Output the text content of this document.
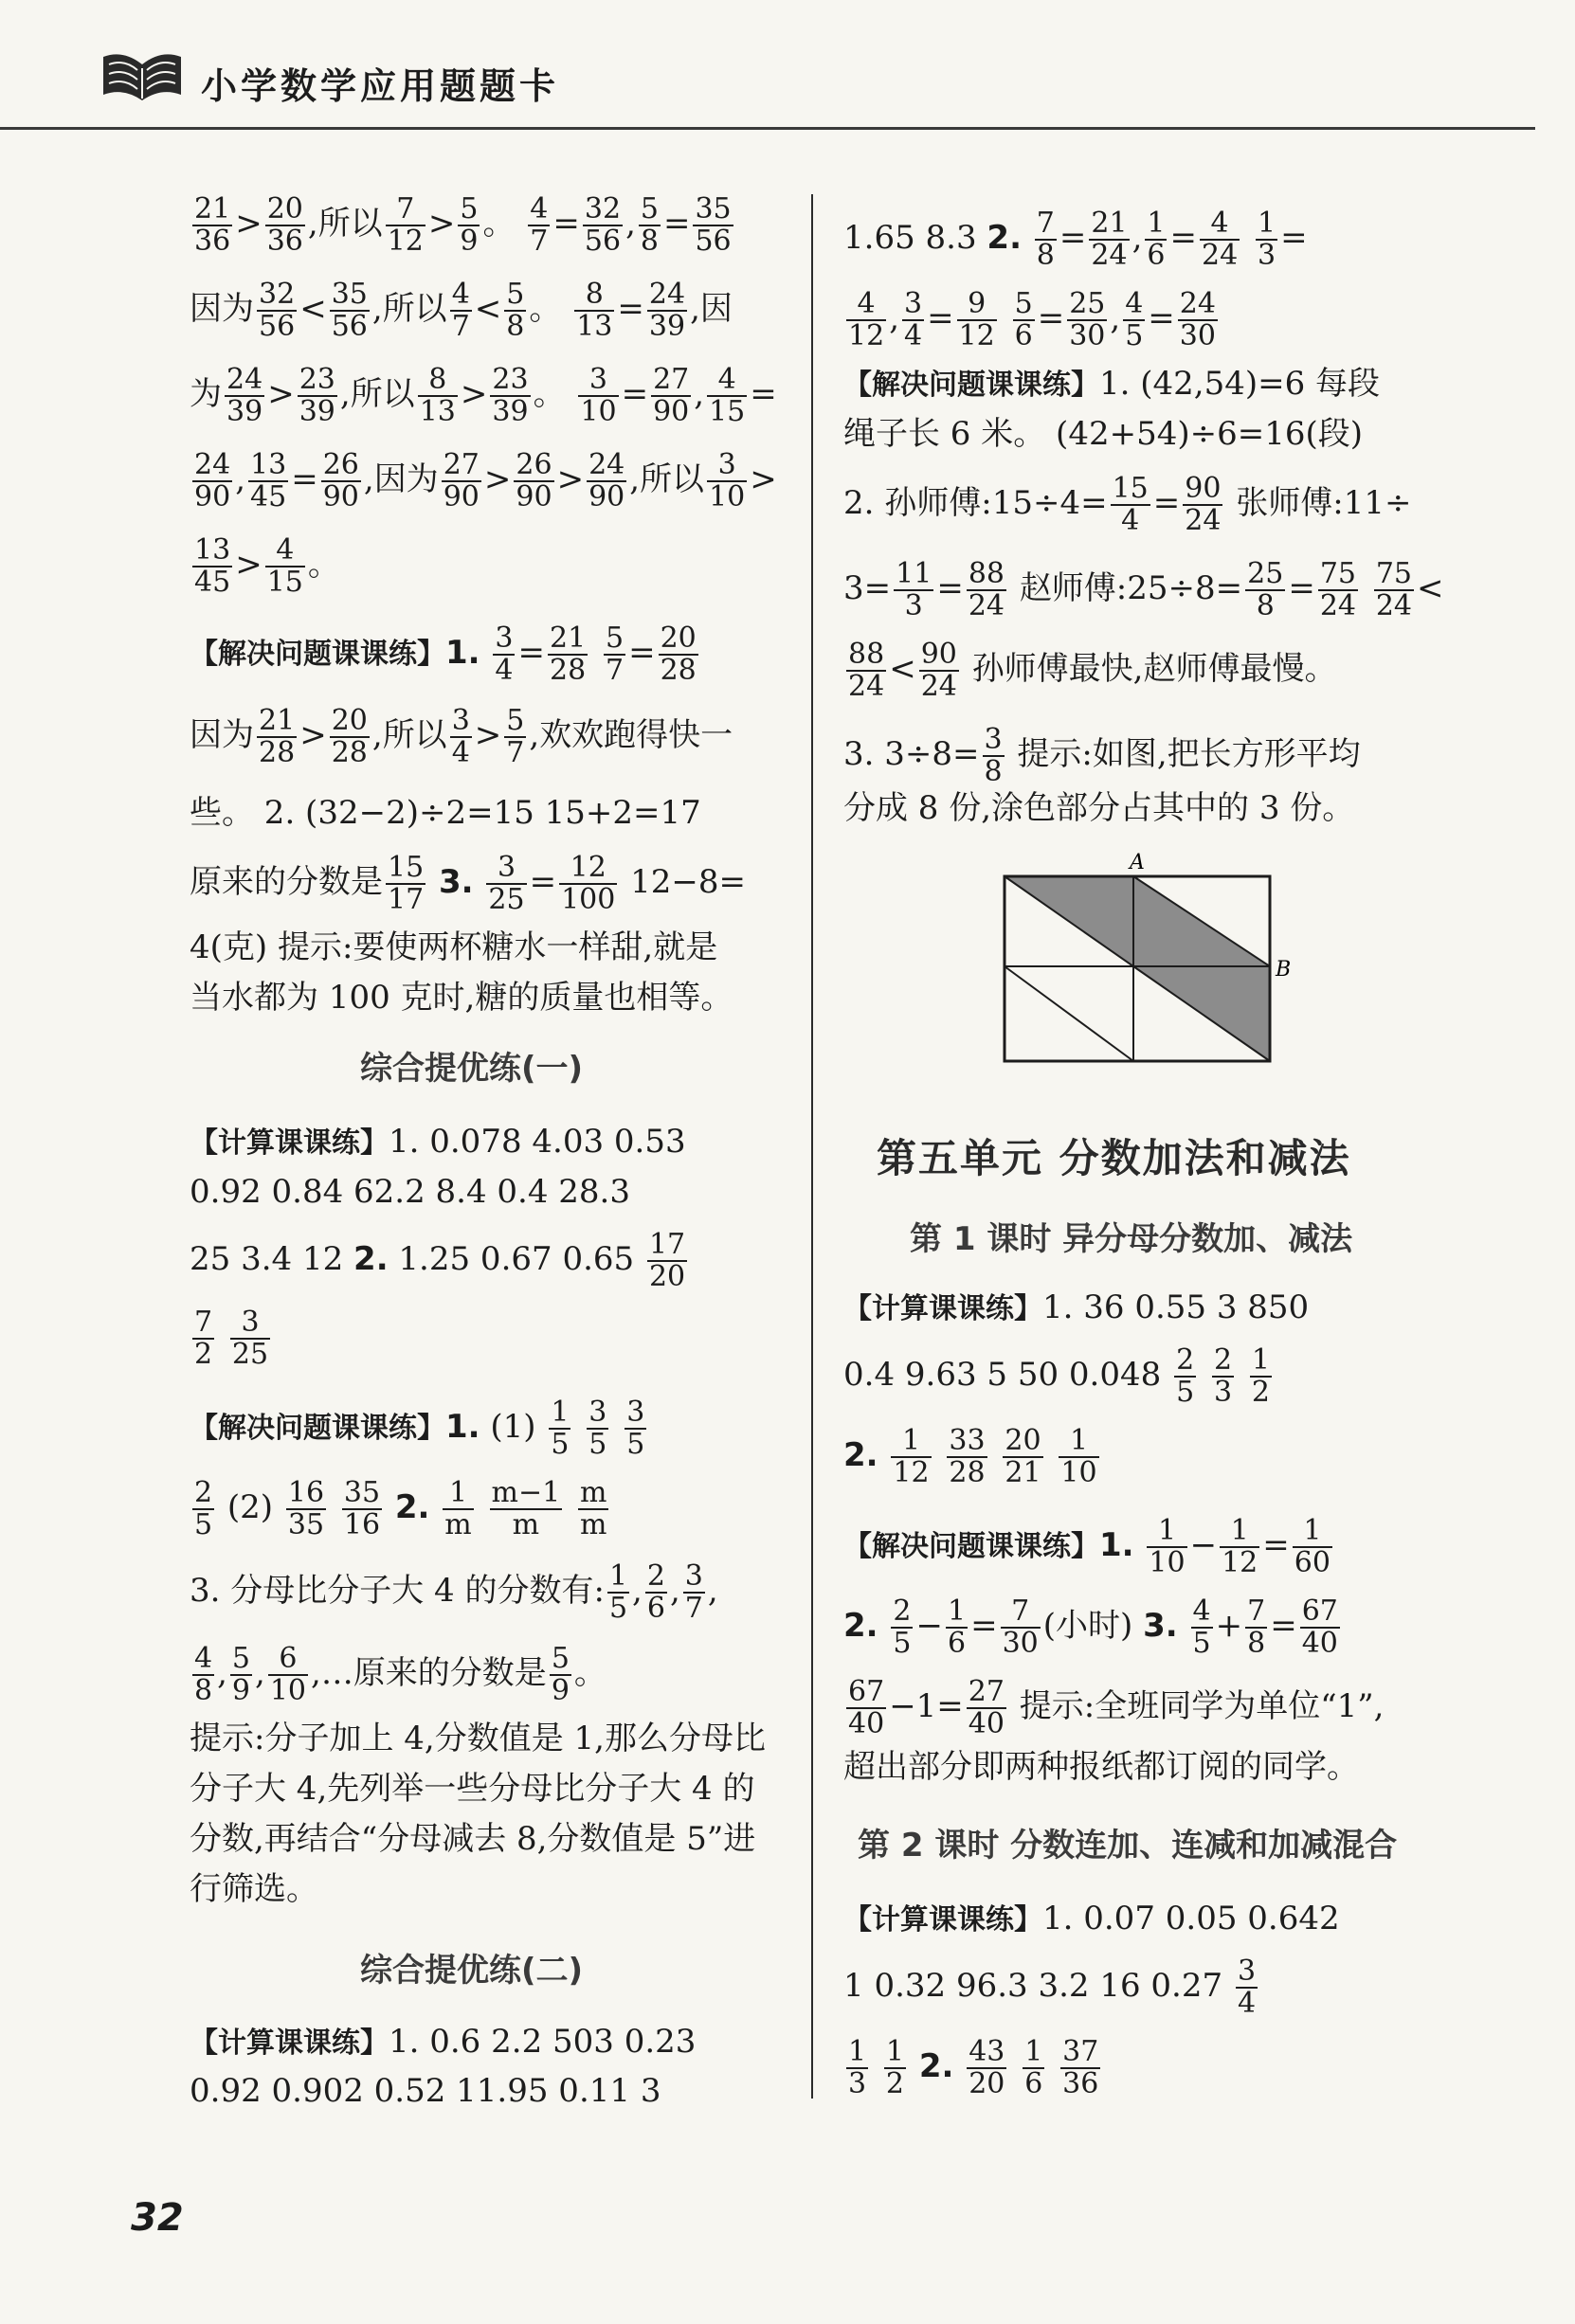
小学数学应用题题卡
$\frac{21}{36} > \frac{20}{36}$ ,所以 $\frac{7}{12} > \frac{5}{9}$ 。 $\frac{4}{7} = \frac{32}{56}$ , $\frac{5}{8} = \frac{35}{56}$
因为 $\frac{32}{56} < \frac{35}{56}$ ,所以 $\frac{4}{7} < \frac{5}{8}$ 。 $\frac{8}{13} = \frac{24}{39}$ ,因
为 $\frac{24}{39} > \frac{23}{39}$ ,所以 $\frac{8}{13} > \frac{23}{39}$ 。 $\frac{3}{10} = \frac{27}{90}$ , $\frac{4}{15}$ =
$\frac{24}{90}$ , $\frac{13}{45} = \frac{26}{90}$ ,因为 $\frac{27}{90} > \frac{26}{90} > \frac{24}{90}$ ,所以 $\frac{3}{10}$ >
$\frac{13}{45} > \frac{4}{15}$ 。
【解决问题课课练】1. $\frac{3}{4} = \frac{21}{28}$
$\frac{5}{7} = \frac{20}{28}$
因为 $\frac{21}{28} > \frac{20}{28}$ ,所以 $\frac{3}{4} > \frac{5}{7}$ ,欢欢跑得快一
些。 2. (32−2)÷2=15 15+2=17
原来的分数是 $\frac{15}{17} 3$. $\frac{3}{25} = \frac{12}{100} 12-8=$
4(克) 提示:要使两杯糖水一样甜,就是
当水都为 100 克时,糖的质量也相等。
综合提优练(一)
【计算课课练】1. 0.078 4.03 0.53
0.92 0.84 62.2 8.4 0.4 28.3
25 3.4 12 2. 1.25 0.67 $0.65 \frac{17}{20}$
$\frac{7}{2}$
$\frac{3}{25}$
【解决问题课课练】1. $(1) \frac{1}{5}$
$\frac{3}{5}$
$\frac{3}{5}$
$\frac{2}{5} (2) \frac{16}{35}$
$\frac{35}{16} 2$. $\frac{1}{m}$
$\frac{m-1}{m}$
$\frac{m}{m}$
3. 分母比分子大 4 的分数有: $\frac{1}{5}$ , $\frac{2}{6}$ , $\frac{3}{7}$ ,
$\frac{4}{8}$ , $\frac{5}{9}$ , $\frac{6}{10}$ ,…原来的分数是 $\frac{5}{9}$ 。
提示:分子加上 4,分数值是 1,那么分母比
分子大 4,先列举一些分母比分子大 4 的
分数,再结合“分母减去 8,分数值是 5”进
行筛选。
综合提优练(二)
【计算课课练】1. 0.6 2.2 503 0.23
0.92 0.902 0.52 11.95 0.11 3
1.65 8.3 2. $\frac{7}{8} = \frac{21}{24}$ , $\frac{1}{6} = \frac{4}{24}$
$\frac{1}{3}$ =
$\frac{4}{12}$ , $\frac{3}{4} = \frac{9}{12}$
$\frac{5}{6} = \frac{25}{30}$ , $\frac{4}{5} = \frac{24}{30}$
【解决问题课课练】1. (42,54)=6 每段
绳子长 6 米。 (42+54)÷6=16(段)
2. 孙师傅:15÷4= $\frac{15}{4} = \frac{90}{24}$ 张师傅:11÷
$3= \frac{11}{3} = \frac{88}{24}$ 赵师傅:25÷8= $\frac{25}{8} = \frac{75}{24}$
$\frac{75}{24}$ <
$\frac{88}{24} < \frac{90}{24}$ 孙师傅最快,赵师傅最慢。
3. $3\div 8= \frac{3}{8}$ 提示:如图,把长方形平均
分成 8 份,涂色部分占其中的 3 份。
第五单元 分数加法和减法
第 1 课时 异分母分数加、减法
【计算课课练】1. 36 0.55 3 850
0.4 9.63 5 50 $0.048 \frac{2}{5}$
$\frac{2}{3}$
$\frac{1}{2}$
2. $\frac{1}{12}$
$\frac{33}{28}$
$\frac{20}{21}$
$\frac{1}{10}$
【解决问题课课练】1. $\frac{1}{10} - \frac{1}{12} = \frac{1}{60}$
2. $\frac{2}{5} - \frac{1}{6} = \frac{7}{30}$ (小时) 3. $\frac{4}{5} + \frac{7}{8} = \frac{67}{40}$
$\frac{67}{40} -1= \frac{27}{40}$ 提示:全班同学为单位“1”,
超出部分即两种报纸都订阅的同学。
第 2 课时 分数连加、连减和加减混合
【计算课课练】1. 0.07 0.05 0.642
1 0.32 96.3 3.2 16 $0.27 \frac{3}{4}$
$\frac{1}{3}$
$\frac{1}{2} 2$. $\frac{43}{20}$
$\frac{1}{6}$
$\frac{37}{36}$
A
B
32
